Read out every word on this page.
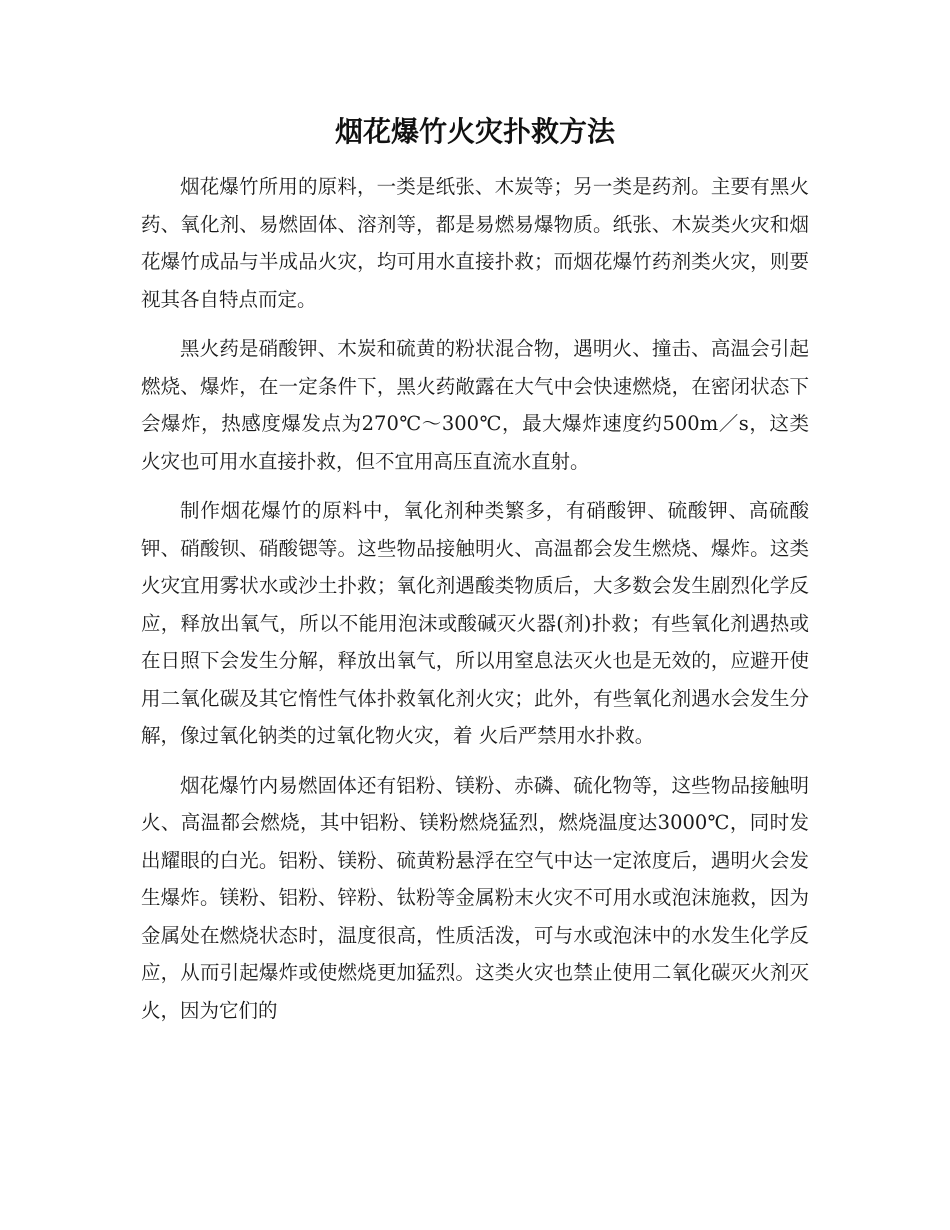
烟花爆竹火灾扑救方法

烟花爆竹所用的原料，一类是纸张、木炭等；另一类是药剂。主要有黑火药、氧化剂、易燃固体、溶剂等，都是易燃易爆物质。纸张、木炭类火灾和烟花爆竹成品与半成品火灾，均可用水直接扑救；而烟花爆竹药剂类火灾，则要视其各自特点而定。

黑火药是硝酸钾、木炭和硫黄的粉状混合物，遇明火、撞击、高温会引起燃烧、爆炸，在一定条件下，黑火药敞露在大气中会快速燃烧，在密闭状态下会爆炸，热感度爆发点为270℃～300℃，最大爆炸速度约500m／s，这类火灾也可用水直接扑救，但不宜用高压直流水直射。

制作烟花爆竹的原料中，氧化剂种类繁多，有硝酸钾、硫酸钾、高硫酸钾、硝酸钡、硝酸锶等。这些物品接触明火、高温都会发生燃烧、爆炸。这类火灾宜用雾状水或沙土扑救；氧化剂遇酸类物质后，大多数会发生剧烈化学反应，释放出氧气，所以不能用泡沫或酸碱灭火器(剂)扑救；有些氧化剂遇热或在日照下会发生分解，释放出氧气，所以用窒息法灭火也是无效的，应避开使用二氧化碳及其它惰性气体扑救氧化剂火灾；此外，有些氧化剂遇水会发生分解，像过氧化钠类的过氧化物火灾，着 火后严禁用水扑救。

烟花爆竹内易燃固体还有铝粉、镁粉、赤磷、硫化物等，这些物品接触明火、高温都会燃烧，其中铝粉、镁粉燃烧猛烈，燃烧温度达3000℃，同时发出耀眼的白光。铝粉、镁粉、硫黄粉悬浮在空气中达一定浓度后，遇明火会发生爆炸。镁粉、铝粉、锌粉、钛粉等金属粉末火灾不可用水或泡沫施救，因为金属处在燃烧状态时，温度很高，性质活泼，可与水或泡沫中的水发生化学反应，从而引起爆炸或使燃烧更加猛烈。这类火灾也禁止使用二氧化碳灭火剂灭火，因为它们的
